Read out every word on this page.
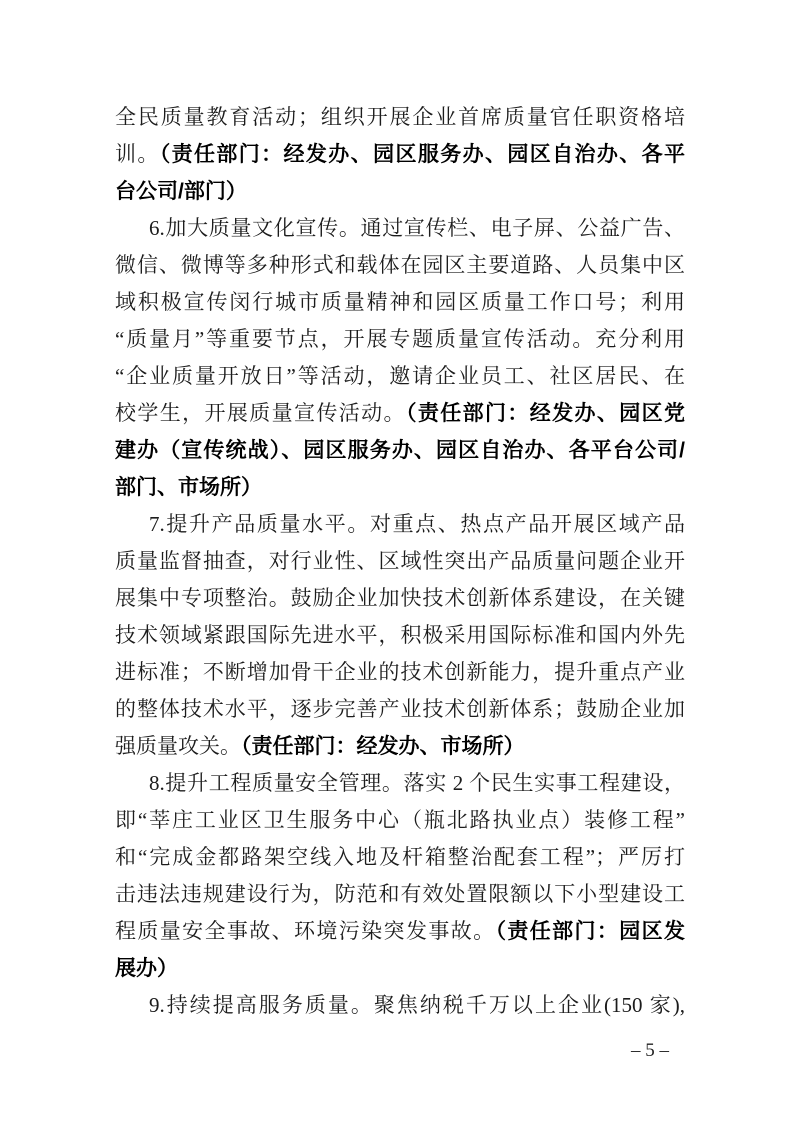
全民质量教育活动；组织开展企业首席质量官任职资格培
训。（责任部门：经发办、园区服务办、园区自治办、各平
台公司/部门）
6.加大质量文化宣传。通过宣传栏、电子屏、公益广告、
微信、微博等多种形式和载体在园区主要道路、人员集中区
域积极宣传闵行城市质量精神和园区质量工作口号；利用
“质量月”等重要节点，开展专题质量宣传活动。充分利用
“企业质量开放日”等活动，邀请企业员工、社区居民、在
校学生，开展质量宣传活动。（责任部门：经发办、园区党
建办（宣传统战）、园区服务办、园区自治办、各平台公司/
部门、市场所）
7.提升产品质量水平。对重点、热点产品开展区域产品
质量监督抽查，对行业性、区域性突出产品质量问题企业开
展集中专项整治。鼓励企业加快技术创新体系建设，在关键
技术领域紧跟国际先进水平，积极采用国际标准和国内外先
进标准；不断增加骨干企业的技术创新能力，提升重点产业
的整体技术水平，逐步完善产业技术创新体系；鼓励企业加
强质量攻关。（责任部门：经发办、市场所）
8.提升工程质量安全管理。落实 2 个民生实事工程建设，
即“莘庄工业区卫生服务中心（瓶北路执业点）装修工程”
和“完成金都路架空线入地及杆箱整治配套工程”；严厉打
击违法违规建设行为，防范和有效处置限额以下小型建设工
程质量安全事故、环境污染突发事故。（责任部门：园区发
展办）
9.持续提高服务质量。聚焦纳税千万以上企业(150 家),
– 5 –
